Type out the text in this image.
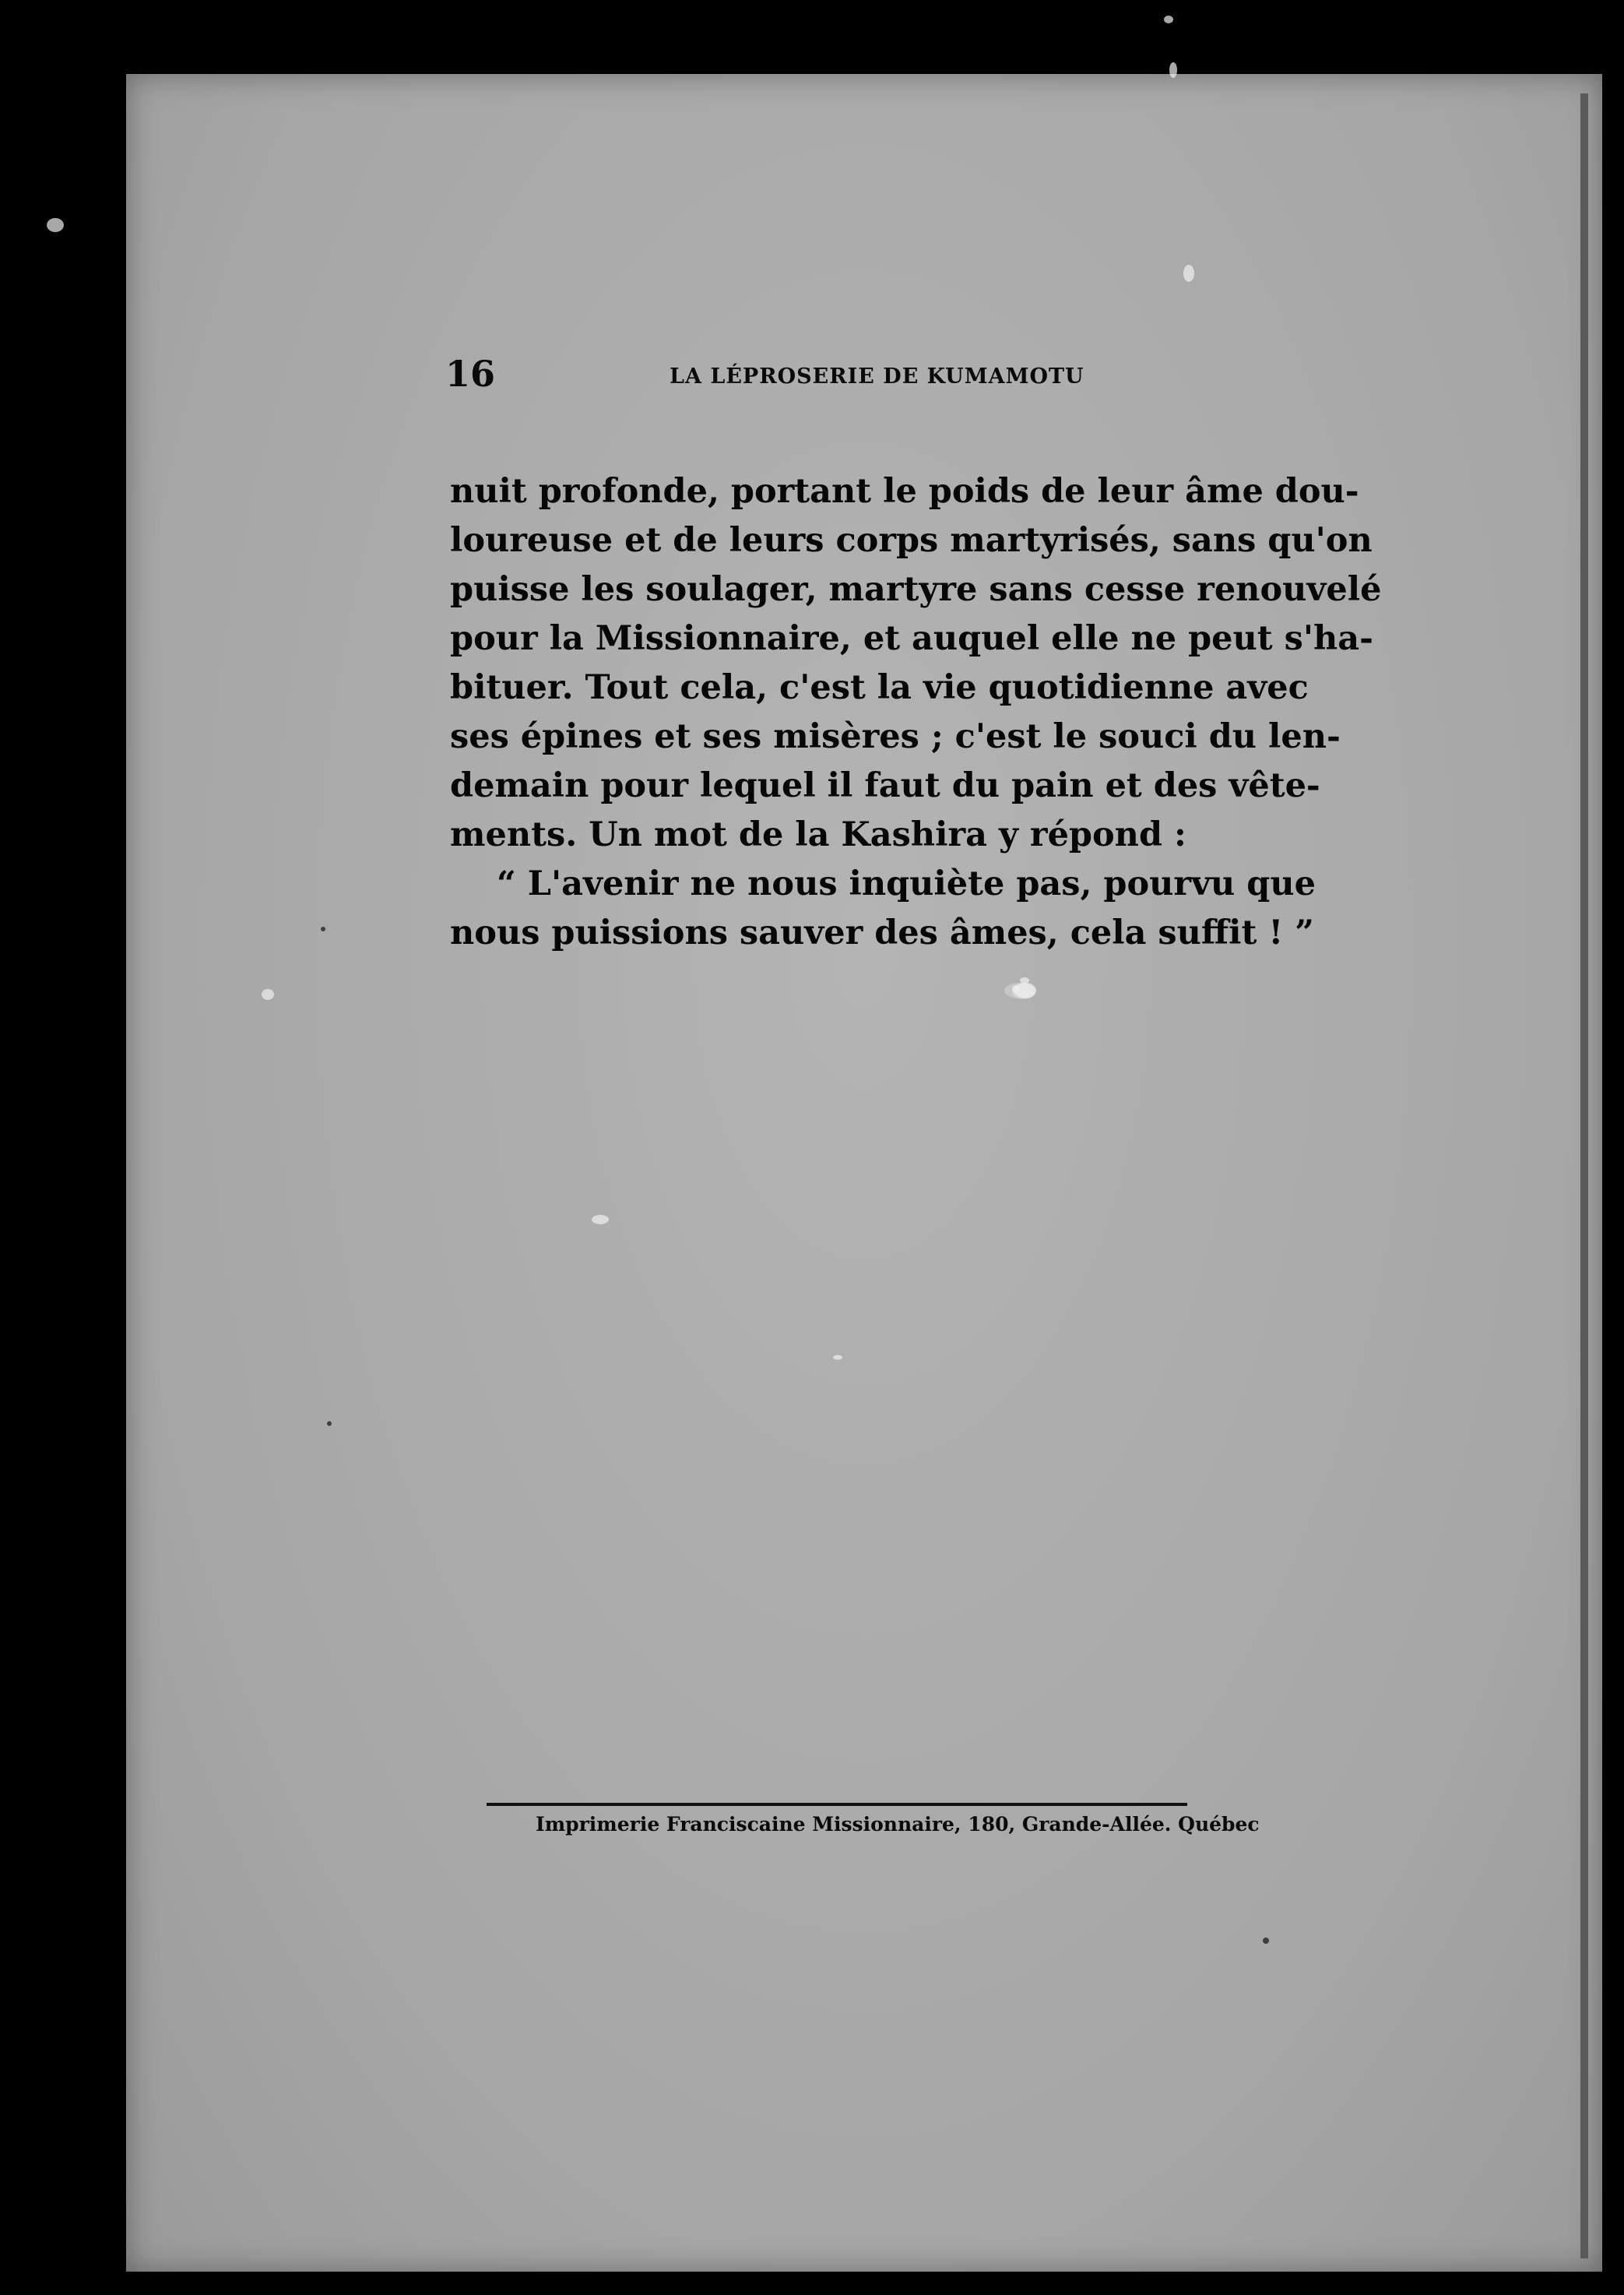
16	LA LÉPROSERIE DE KUMAMOTU
nuit profonde, portant le poids de leur âme dou-
loureuse et de leurs corps martyrisés, sans qu'on
puisse les soulager, martyre sans cesse renouvelé
pour la Missionnaire, et auquel elle ne peut s'ha-
bituer. Tout cela, c'est la vie quotidienne avec
ses épines et ses misères ; c'est le souci du len-
demain pour lequel il faut du pain et des vête-
ments. Un mot de la Kashira y répond :
“ L'avenir ne nous inquiète pas, pourvu que
nous puissions sauver des âmes, cela suffit ! ”
Imprimerie Franciscaine Missionnaire, 180, Grande-Allée. Québec
